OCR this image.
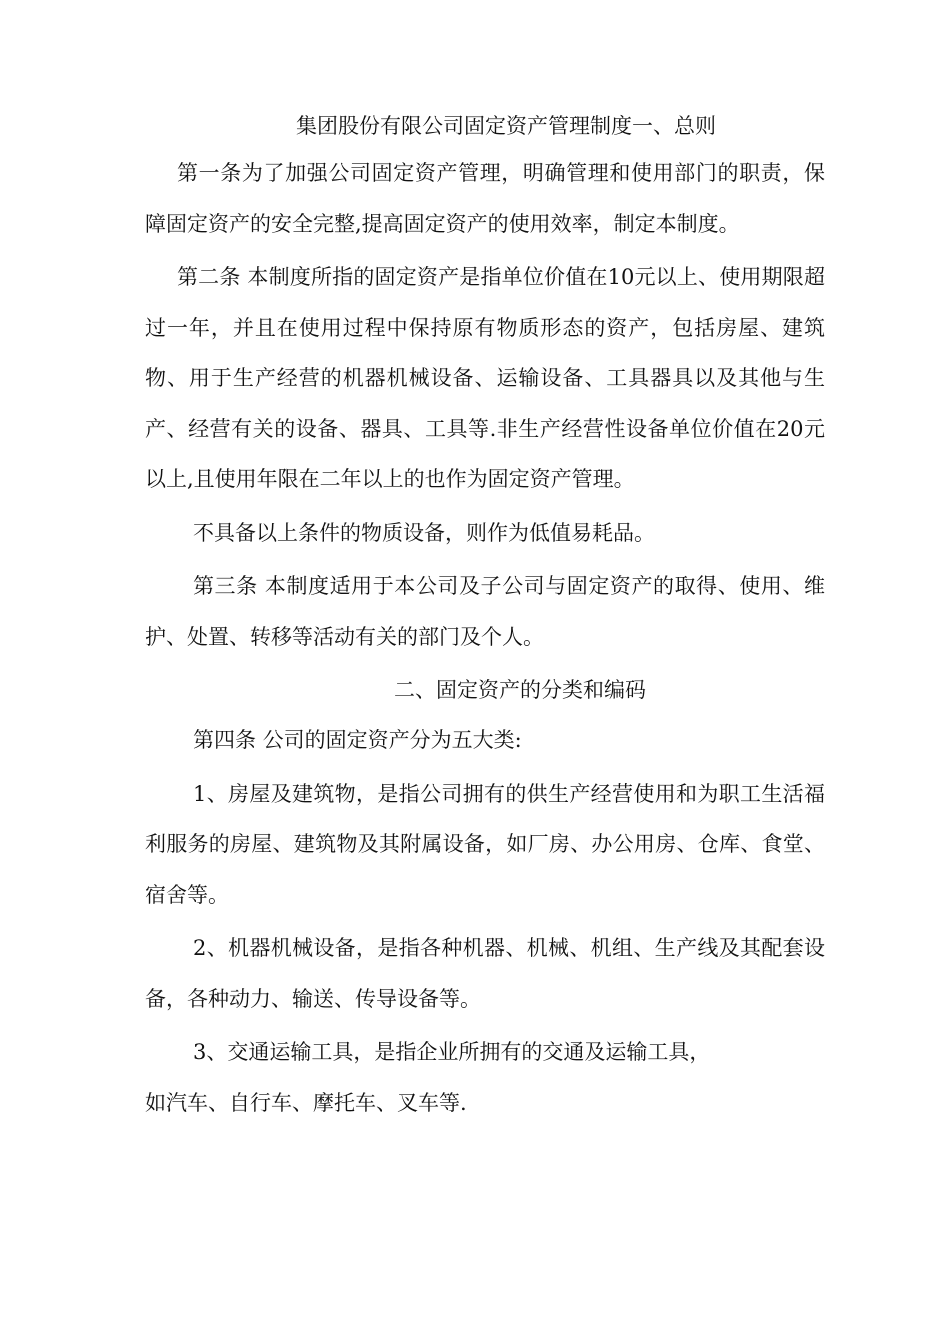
集团股份有限公司固定资产管理制度一、总则

第一条为了加强公司固定资产管理，明确管理和使用部门的职责，保障固定资产的安全完整,提高固定资产的使用效率，制定本制度。

第二条 本制度所指的固定资产是指单位价值在10元以上、使用期限超过一年，并且在使用过程中保持原有物质形态的资产，包括房屋、建筑物、用于生产经营的机器机械设备、运输设备、工具器具以及其他与生产、经营有关的设备、器具、工具等.非生产经营性设备单位价值在20元以上,且使用年限在二年以上的也作为固定资产管理。

不具备以上条件的物质设备，则作为低值易耗品。

第三条 本制度适用于本公司及子公司与固定资产的取得、使用、维护、处置、转移等活动有关的部门及个人。

二、固定资产的分类和编码

第四条 公司的固定资产分为五大类:

1、房屋及建筑物，是指公司拥有的供生产经营使用和为职工生活福利服务的房屋、建筑物及其附属设备，如厂房、办公用房、仓库、食堂、宿舍等。

2、机器机械设备，是指各种机器、机械、机组、生产线及其配套设备，各种动力、输送、传导设备等。

3、交通运输工具，是指企业所拥有的交通及运输工具，

如汽车、自行车、摩托车、叉车等.
